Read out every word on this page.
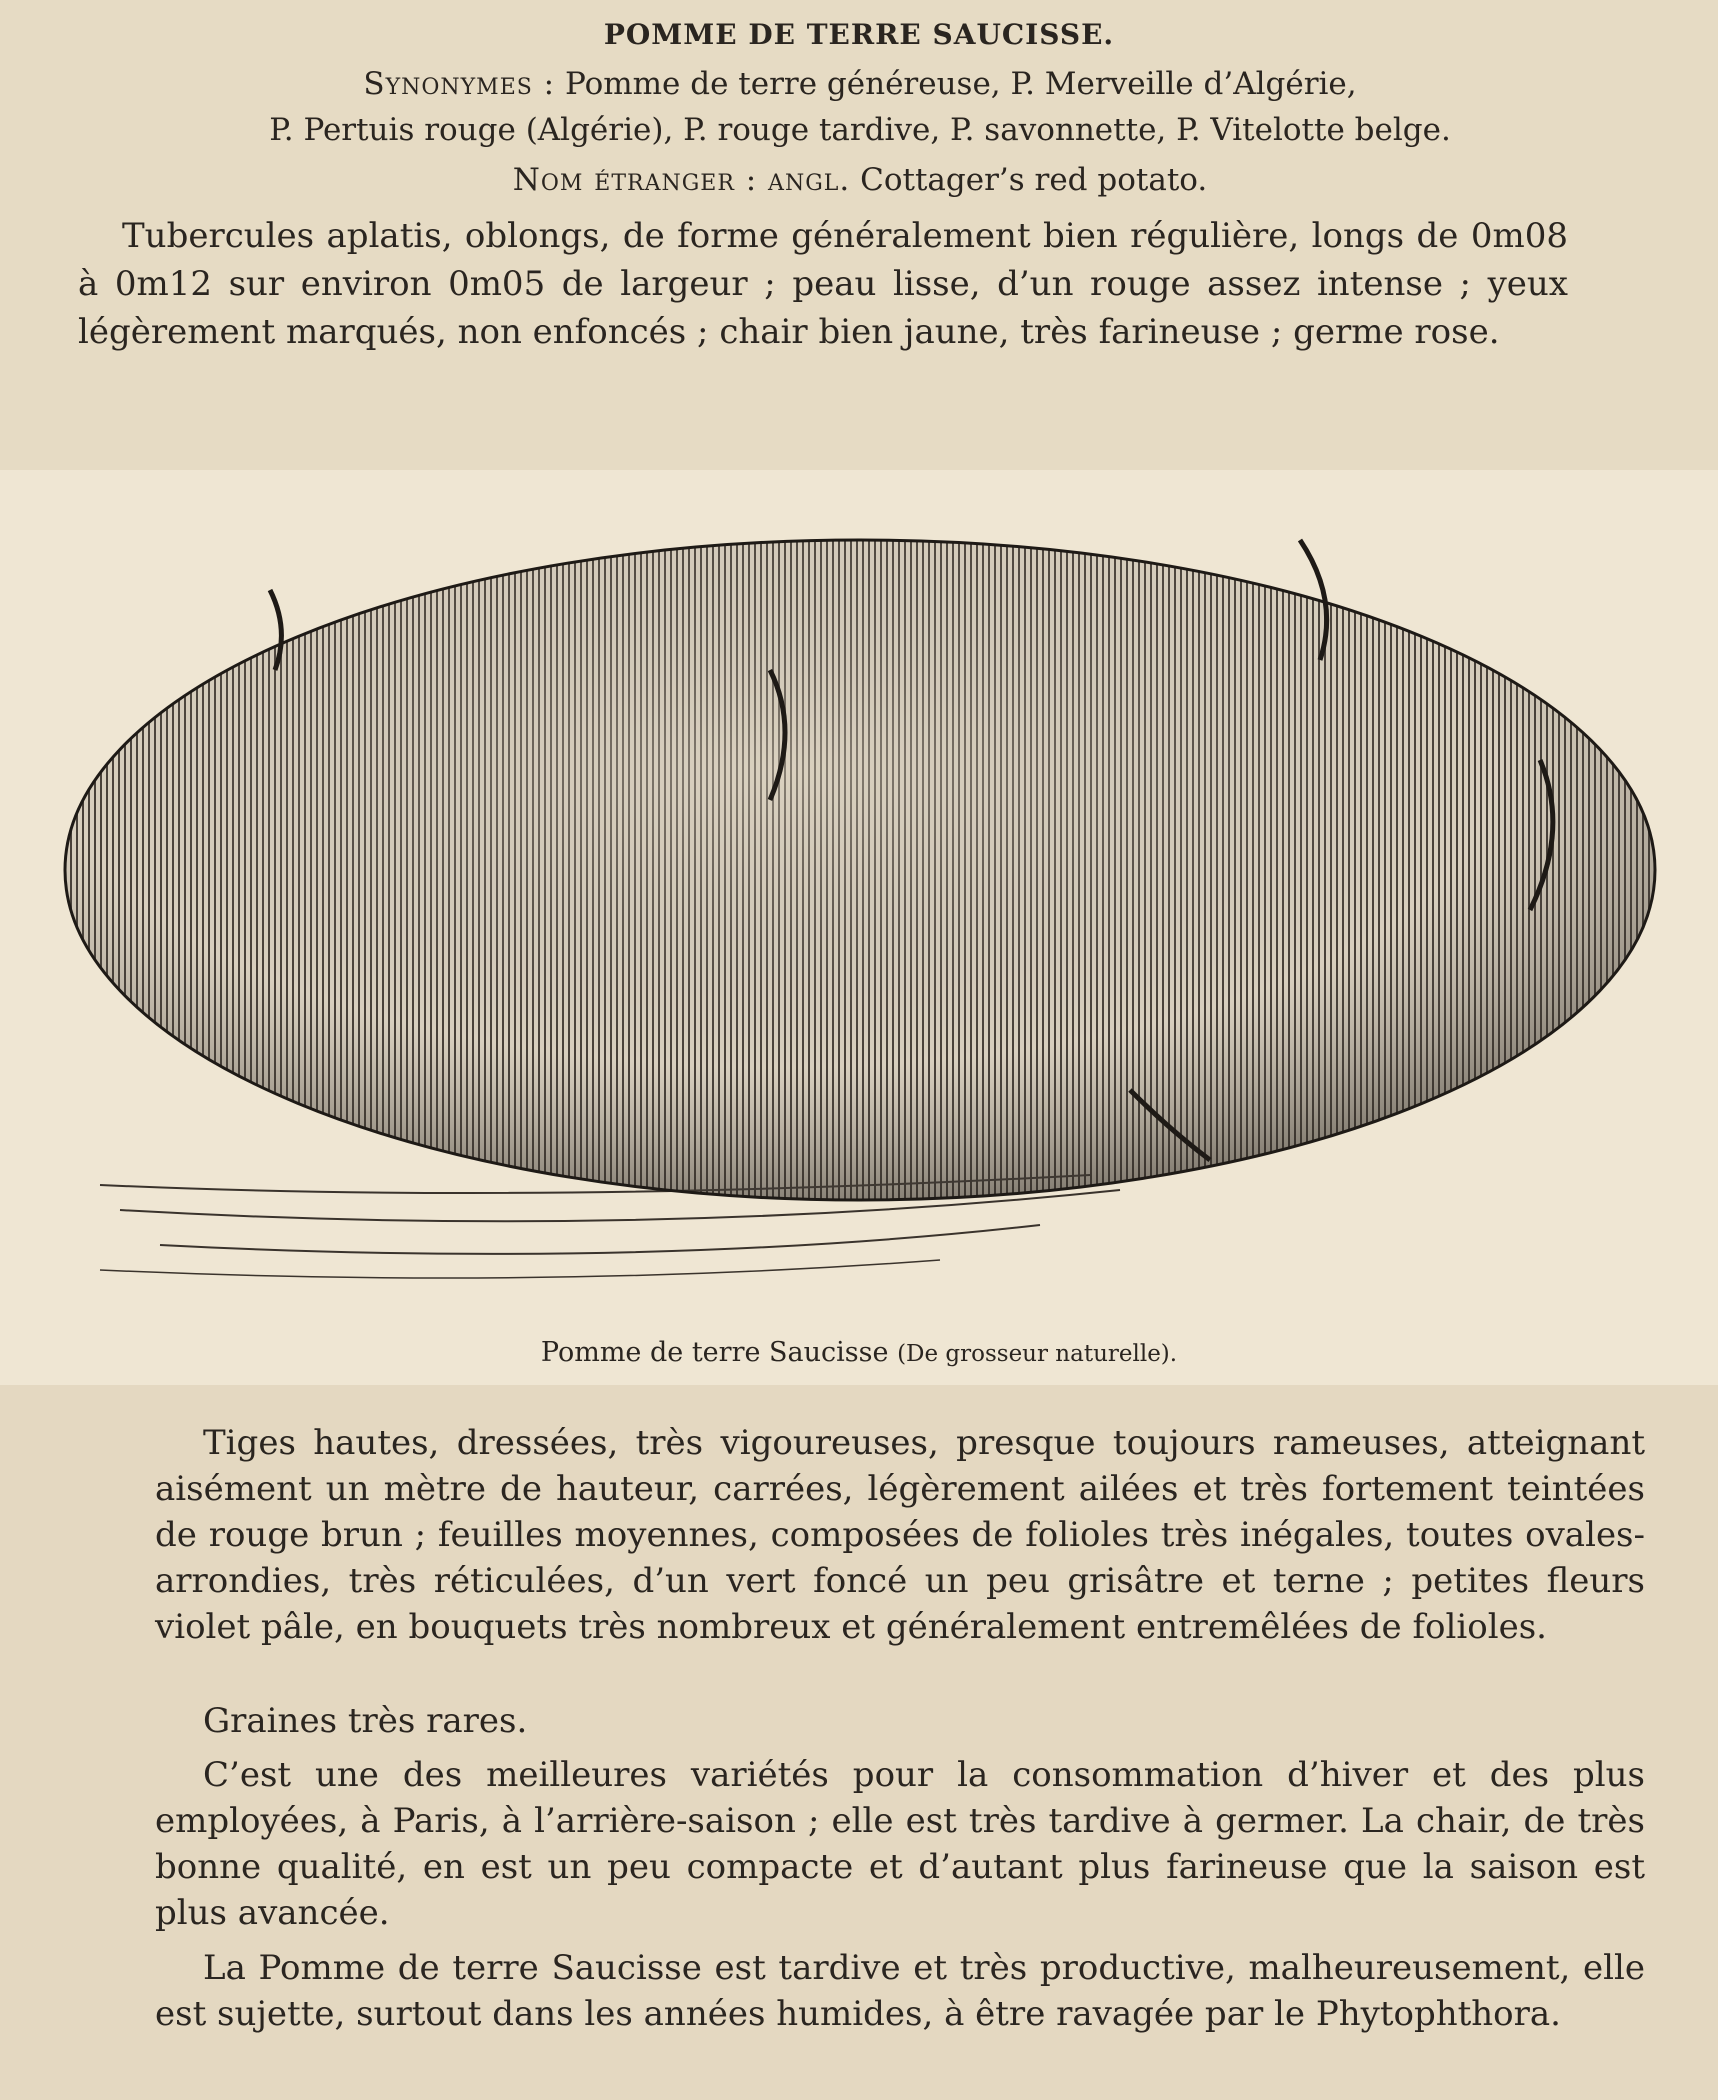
POMME DE TERRE SAUCISSE.
Synonymes : Pomme de terre généreuse, P. Merveille d’Algérie,
P. Pertuis rouge (Algérie), P. rouge tardive, P. savonnette, P. Vitelotte belge.
Nom étranger : angl. Cottager’s red potato.
Tubercules aplatis, oblongs, de forme généralement bien régulière, longs de 0m08 à 0m12 sur environ 0m05 de largeur ; peau lisse, d’un rouge assez intense ; yeux légèrement marqués, non enfoncés ; chair bien jaune, très farineuse ; germe rose.
Pomme de terre Saucisse (De grosseur naturelle).
Tiges hautes, dressées, très vigoureuses, presque toujours rameuses, atteignant aisément un mètre de hauteur, carrées, légèrement ailées et très fortement teintées de rouge brun ; feuilles moyennes, composées de folioles très inégales, toutes ovales-arrondies, très réticulées, d’un vert foncé un peu grisâtre et terne ; petites fleurs violet pâle, en bouquets très nombreux et généralement entremêlées de folioles.
Graines très rares.
C’est une des meilleures variétés pour la consommation d’hiver et des plus employées, à Paris, à l’arrière-saison ; elle est très tardive à germer. La chair, de très bonne qualité, en est un peu compacte et d’autant plus farineuse que la saison est plus avancée.
La Pomme de terre Saucisse est tardive et très productive, malheureusement, elle est sujette, surtout dans les années humides, à être ravagée par le Phytophthora.
